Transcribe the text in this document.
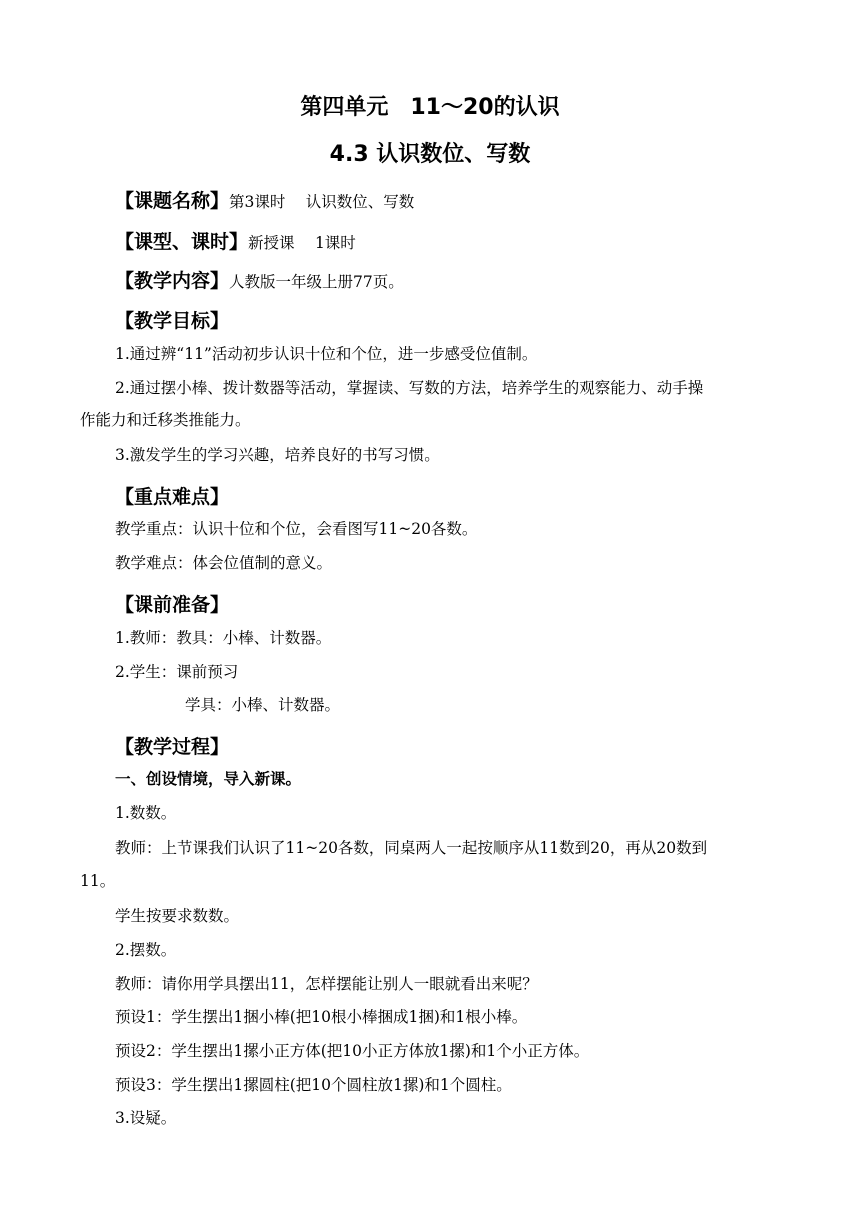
第四单元　11～20的认识
4.3 认识数位、写数
【课题名称】第3课时　 认识数位、写数
【课型、课时】新授课　 1课时
【教学内容】人教版一年级上册77页。
【教学目标】
1.通过辨“11”活动初步认识十位和个位，进一步感受位值制。
2.通过摆小棒、拨计数器等活动，掌握读、写数的方法，培养学生的观察能力、动手操
作能力和迁移类推能力。
3.激发学生的学习兴趣，培养良好的书写习惯。
【重点难点】
教学重点：认识十位和个位，会看图写11~20各数。
教学难点：体会位值制的意义。
【课前准备】
1.教师：教具：小棒、计数器。
2.学生：课前预习
学具：小棒、计数器。
【教学过程】
一、创设情境，导入新课。
1.数数。
教师：上节课我们认识了11~20各数，同桌两人一起按顺序从11数到20，再从20数到
11。
学生按要求数数。
2.摆数。
教师：请你用学具摆出11，怎样摆能让别人一眼就看出来呢？
预设1：学生摆出1捆小棒(把10根小棒捆成1捆)和1根小棒。
预设2：学生摆出1摞小正方体(把10小正方体放1摞)和1个小正方体。
预设3：学生摆出1摞圆柱(把10个圆柱放1摞)和1个圆柱。
3.设疑。
